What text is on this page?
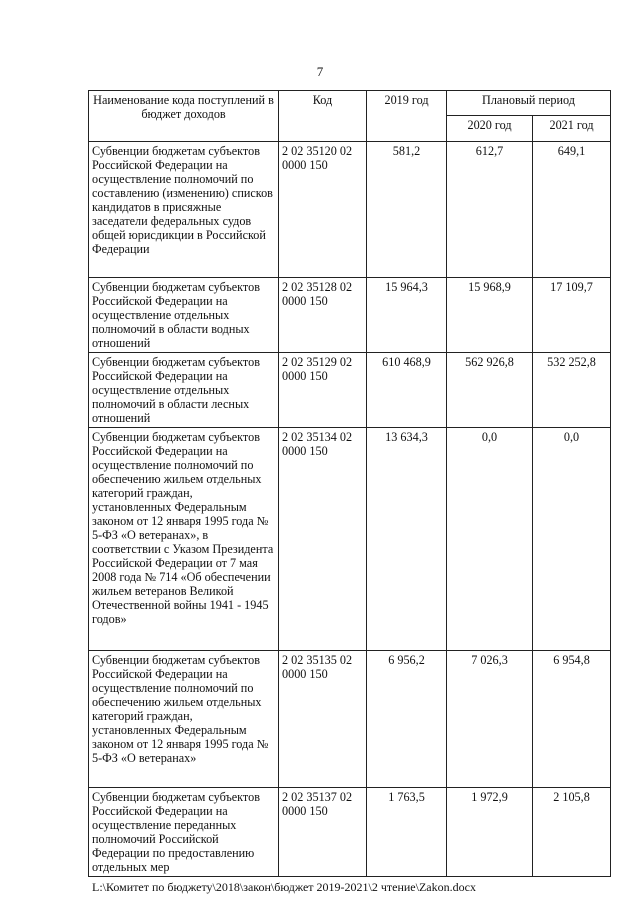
7
Наименование кода поступлений в бюджет доходов	Код	2019 год	Плановый период	
			2020 год	2021 год
Субвенции бюджетам субъектов Российской Федерации на осуществление полномочий по составлению (изменению) списков кандидатов в присяжные заседатели федеральных судов общей юрисдикции в Российской Федерации	2 02 35120 02 0000 150	581,2	612,7	649,1
Субвенции бюджетам субъектов Российской Федерации на осуществление отдельных полномочий в области водных отношений	2 02 35128 02 0000 150	15 964,3	15 968,9	17 109,7
Субвенции бюджетам субъектов Российской Федерации на осуществление отдельных полномочий в области лесных отношений	2 02 35129 02 0000 150	610 468,9	562 926,8	532 252,8
Субвенции бюджетам субъектов Российской Федерации на осуществление полномочий по обеспечению жильем отдельных категорий граждан, установленных Федеральным законом от 12 января 1995 года № 5-ФЗ «О ветеранах», в соответствии с Указом Президента Российской Федерации от 7 мая 2008 года № 714 «Об обеспечении жильем ветеранов Великой Отечественной войны 1941 - 1945 годов»	2 02 35134 02 0000 150	13 634,3	0,0	0,0
Субвенции бюджетам субъектов Российской Федерации на осуществление полномочий по обеспечению жильем отдельных категорий граждан, установленных Федеральным законом от 12 января 1995 года № 5-ФЗ «О ветеранах»	2 02 35135 02 0000 150	6 956,2	7 026,3	6 954,8
Субвенции бюджетам субъектов Российской Федерации на осуществление переданных полномочий Российской Федерации по предоставлению отдельных мер	2 02 35137 02 0000 150	1 763,5	1 972,9	2 105,8
L:\Комитет по бюджету\2018\закон\бюджет 2019-2021\2 чтение\Zakon.docx
